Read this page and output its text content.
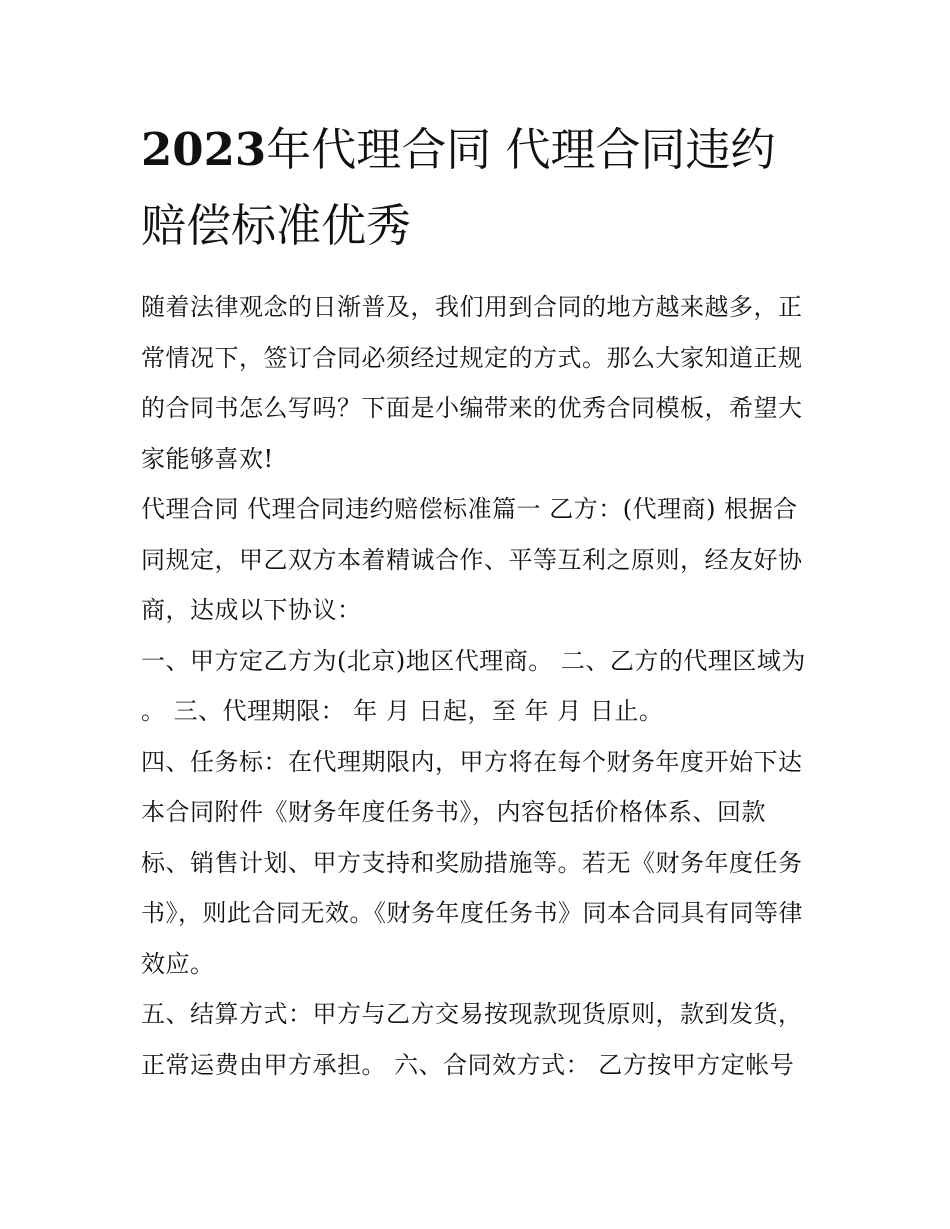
2023年代理合同 代理合同违约赔偿标准优秀

随着法律观念的日渐普及，我们用到合同的地方越来越多，正常情况下，签订合同必须经过规定的方式。那么大家知道正规的合同书怎么写吗？下面是小编带来的优秀合同模板，希望大家能够喜欢!

代理合同 代理合同违约赔偿标准篇一 乙方：(代理商) 根据合同规定，甲乙双方本着精诚合作、平等互利之原则，经友好协商，达成以下协议：

一、甲方定乙方为(北京)地区代理商。 二、乙方的代理区域为 。 三、代理期限： 年 月 日起，至 年 月 日止。

四、任务标：在代理期限内，甲方将在每个财务年度开始下达本合同附件《财务年度任务书》，内容包括价格体系、回款标、销售计划、甲方支持和奖励措施等。若无《财务年度任务书》，则此合同无效。《财务年度任务书》同本合同具有同等律效应。

五、结算方式：甲方与乙方交易按现款现货原则，款到发货，正常运费由甲方承担。 六、合同效方式： 乙方按甲方定帐号
